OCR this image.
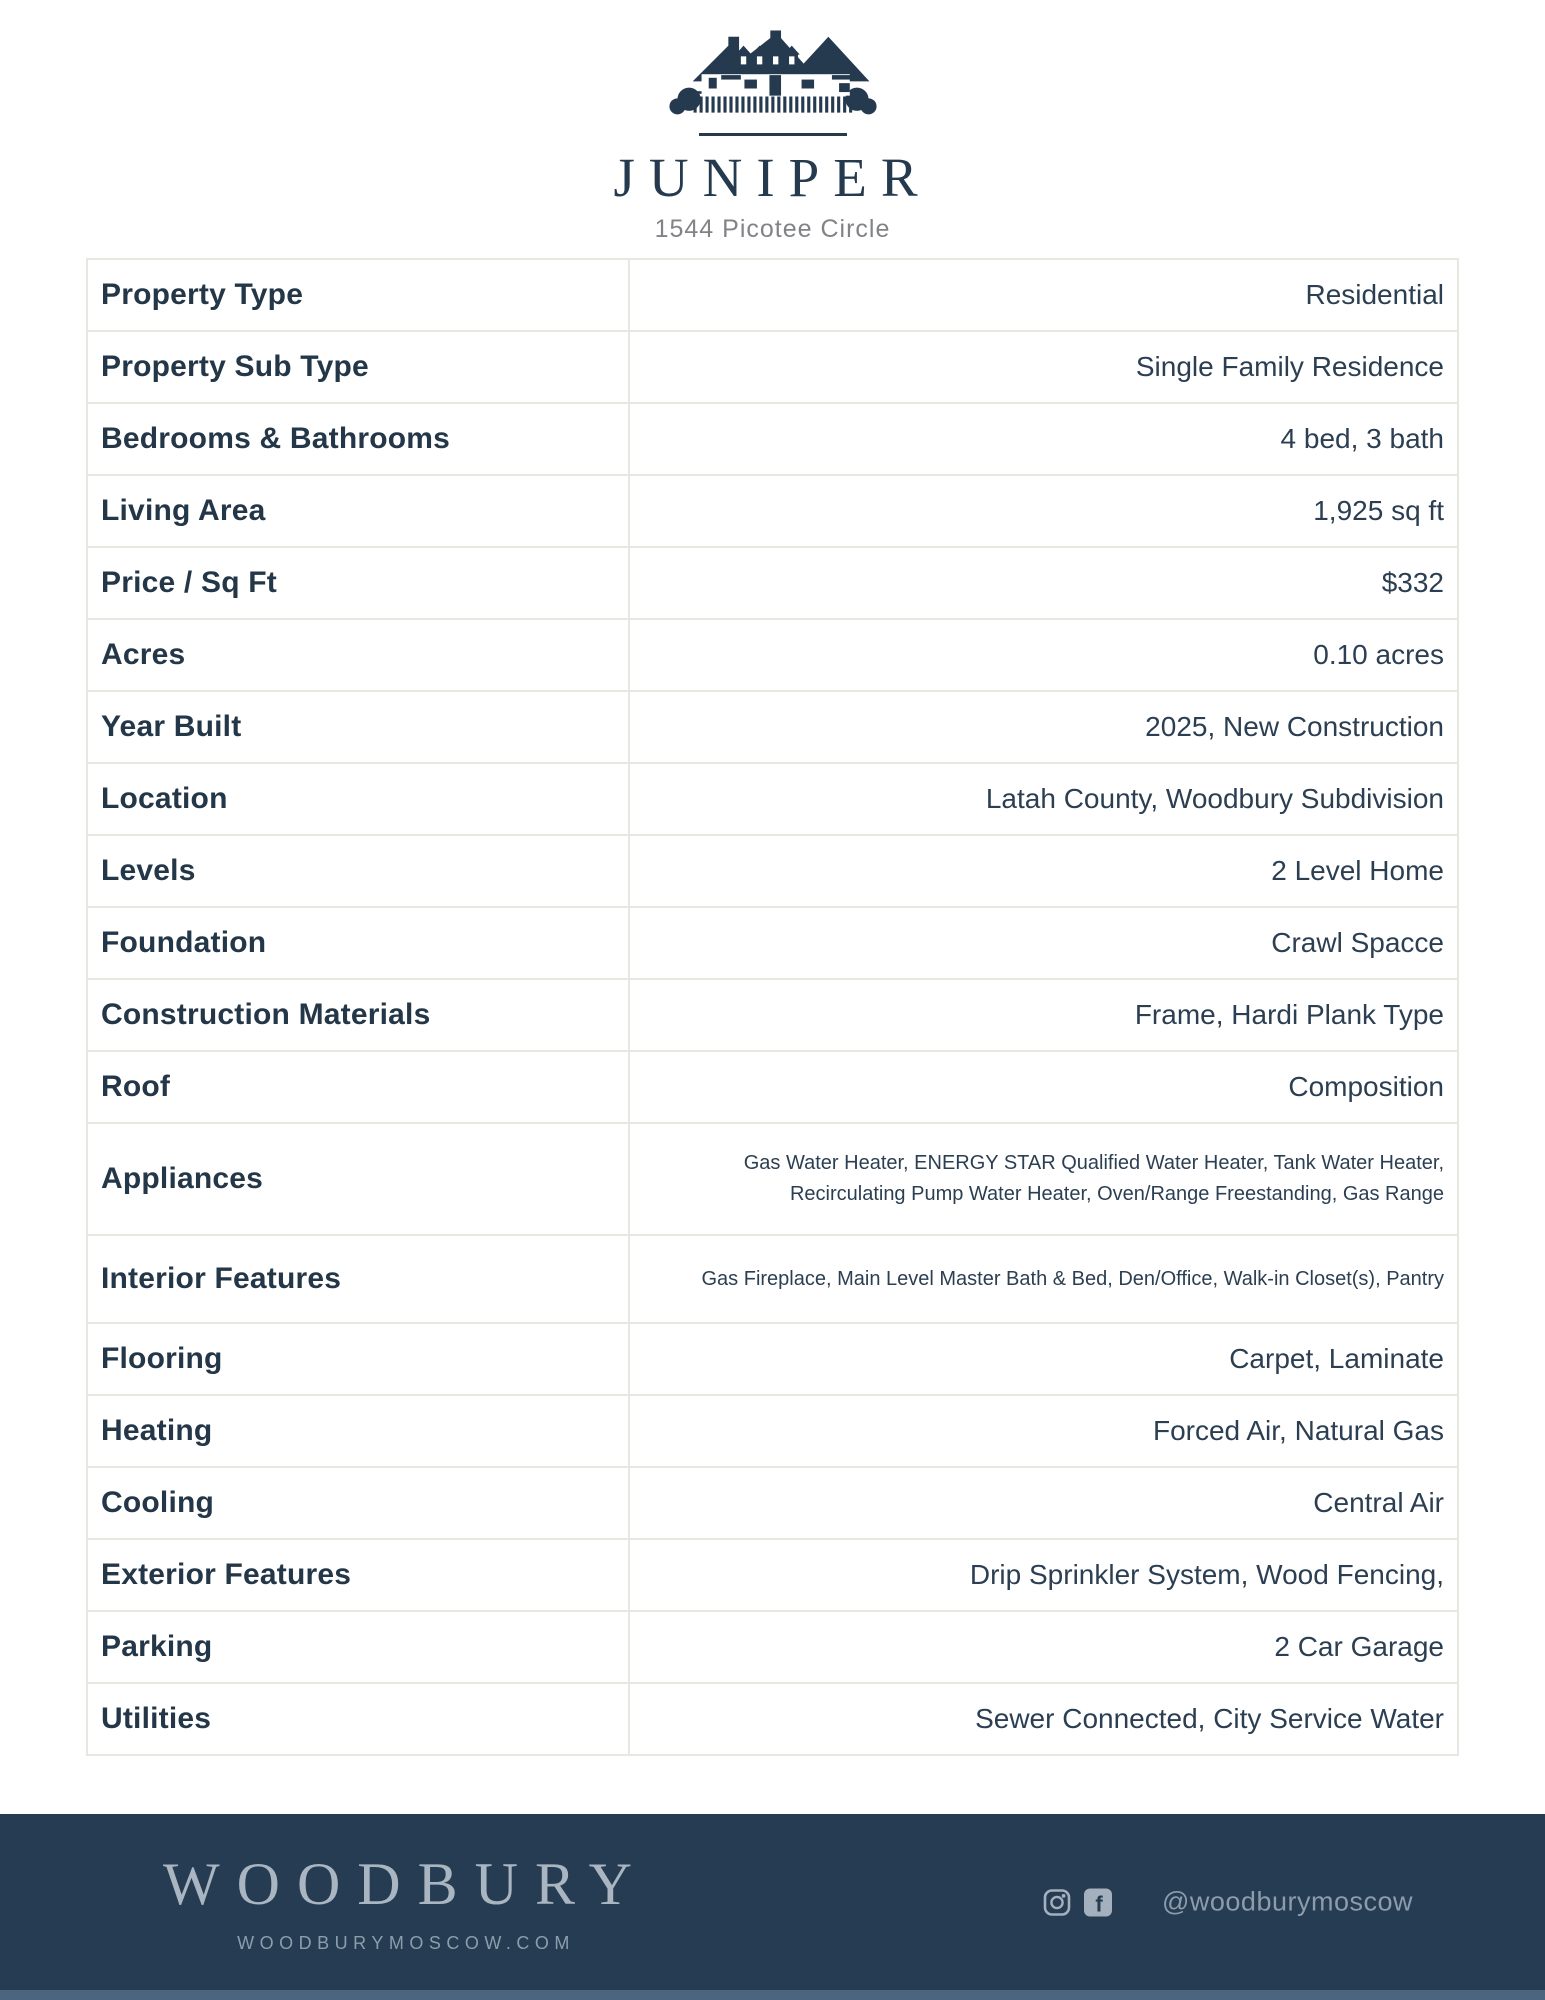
JUNIPER
1544 Picotee Circle
Property Type	Residential
Property Sub Type	Single Family Residence
Bedrooms & Bathrooms	4 bed, 3 bath
Living Area	1,925 sq ft
Price / Sq Ft	$332
Acres	0.10 acres
Year Built	2025, New Construction
Location	Latah County, Woodbury Subdivision
Levels	2 Level Home
Foundation	Crawl Spacce
Construction Materials	Frame, Hardi Plank Type
Roof	Composition
Appliances	Gas Water Heater, ENERGY STAR Qualified Water Heater, Tank Water Heater, Recirculating Pump Water Heater, Oven/Range Freestanding, Gas Range
Interior Features	Gas Fireplace, Main Level Master Bath & Bed, Den/Office, Walk-in Closet(s), Pantry
Flooring	Carpet, Laminate
Heating	Forced Air, Natural Gas
Cooling	Central Air
Exterior Features	Drip Sprinkler System, Wood Fencing,
Parking	2 Car Garage
Utilities	Sewer Connected, City Service Water
WOODBURY
WOODBURYMOSCOW.COM
f @woodburymoscow
